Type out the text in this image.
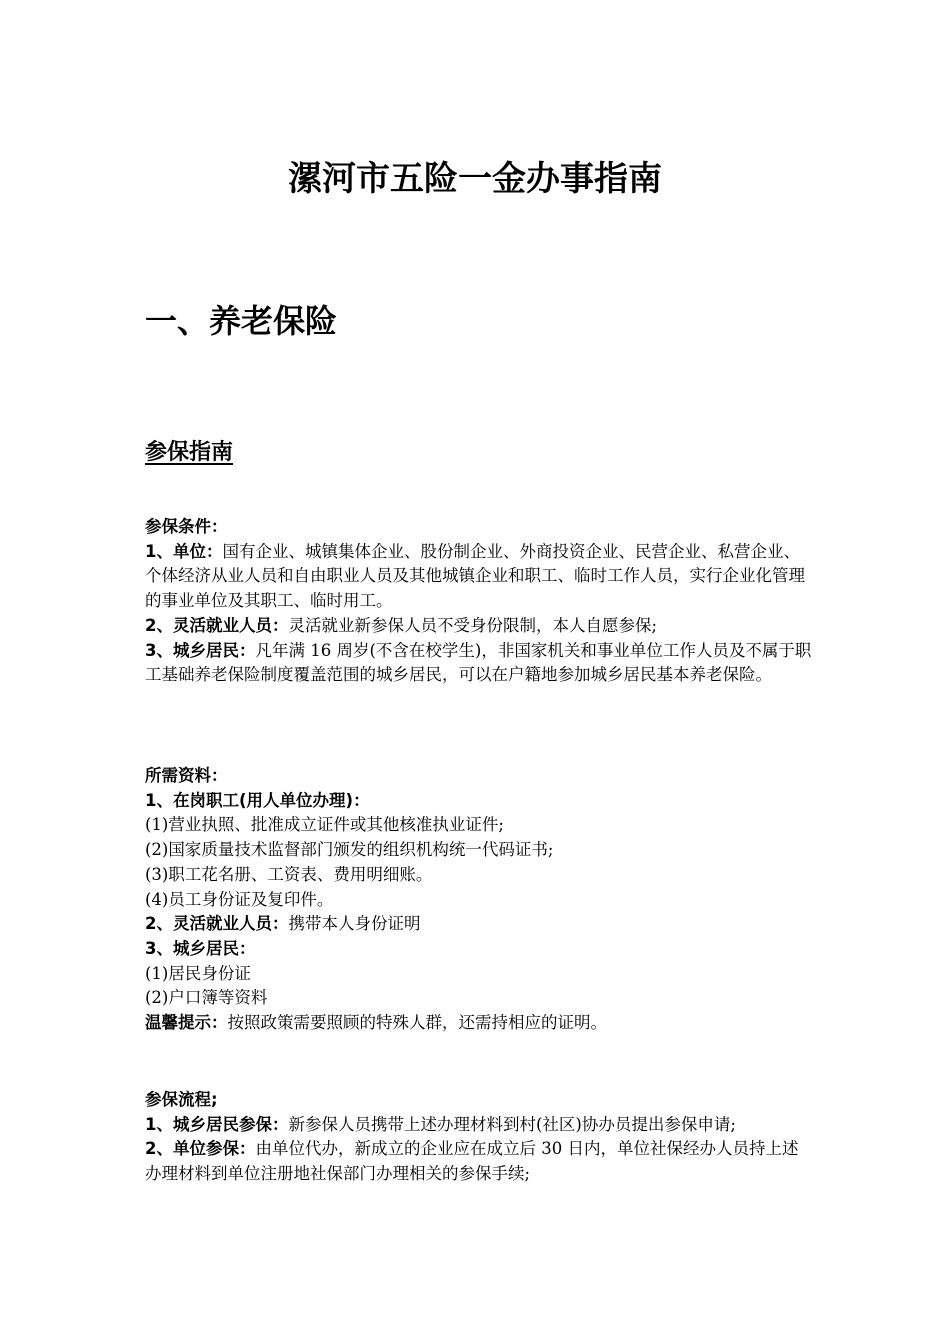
漯河市五险一金办事指南
一、养老保险
参保指南

参保条件：

1、单位：国有企业、城镇集体企业、股份制企业、外商投资企业、民营企业、私营企业、个体经济从业人员和自由职业人员及其他城镇企业和职工、临时工作人员，实行企业化管理的事业单位及其职工、临时用工。

2、灵活就业人员：灵活就业新参保人员不受身份限制，本人自愿参保;

3、城乡居民：凡年满 16 周岁(不含在校学生)，非国家机关和事业单位工作人员及不属于职工基础养老保险制度覆盖范围的城乡居民，可以在户籍地参加城乡居民基本养老保险。

所需资料：

1、在岗职工(用人单位办理)：

(1)营业执照、批准成立证件或其他核准执业证件;

(2)国家质量技术监督部门颁发的组织机构统一代码证书;

(3)职工花名册、工资表、费用明细账。

(4)员工身份证及复印件。

2、灵活就业人员：携带本人身份证明

3、城乡居民：

(1)居民身份证

(2)户口簿等资料

温馨提示：按照政策需要照顾的特殊人群，还需持相应的证明。

参保流程;

1、城乡居民参保：新参保人员携带上述办理材料到村(社区)协办员提出参保申请;

2、单位参保：由单位代办，新成立的企业应在成立后 30 日内，单位社保经办人员持上述办理材料到单位注册地社保部门办理相关的参保手续;
